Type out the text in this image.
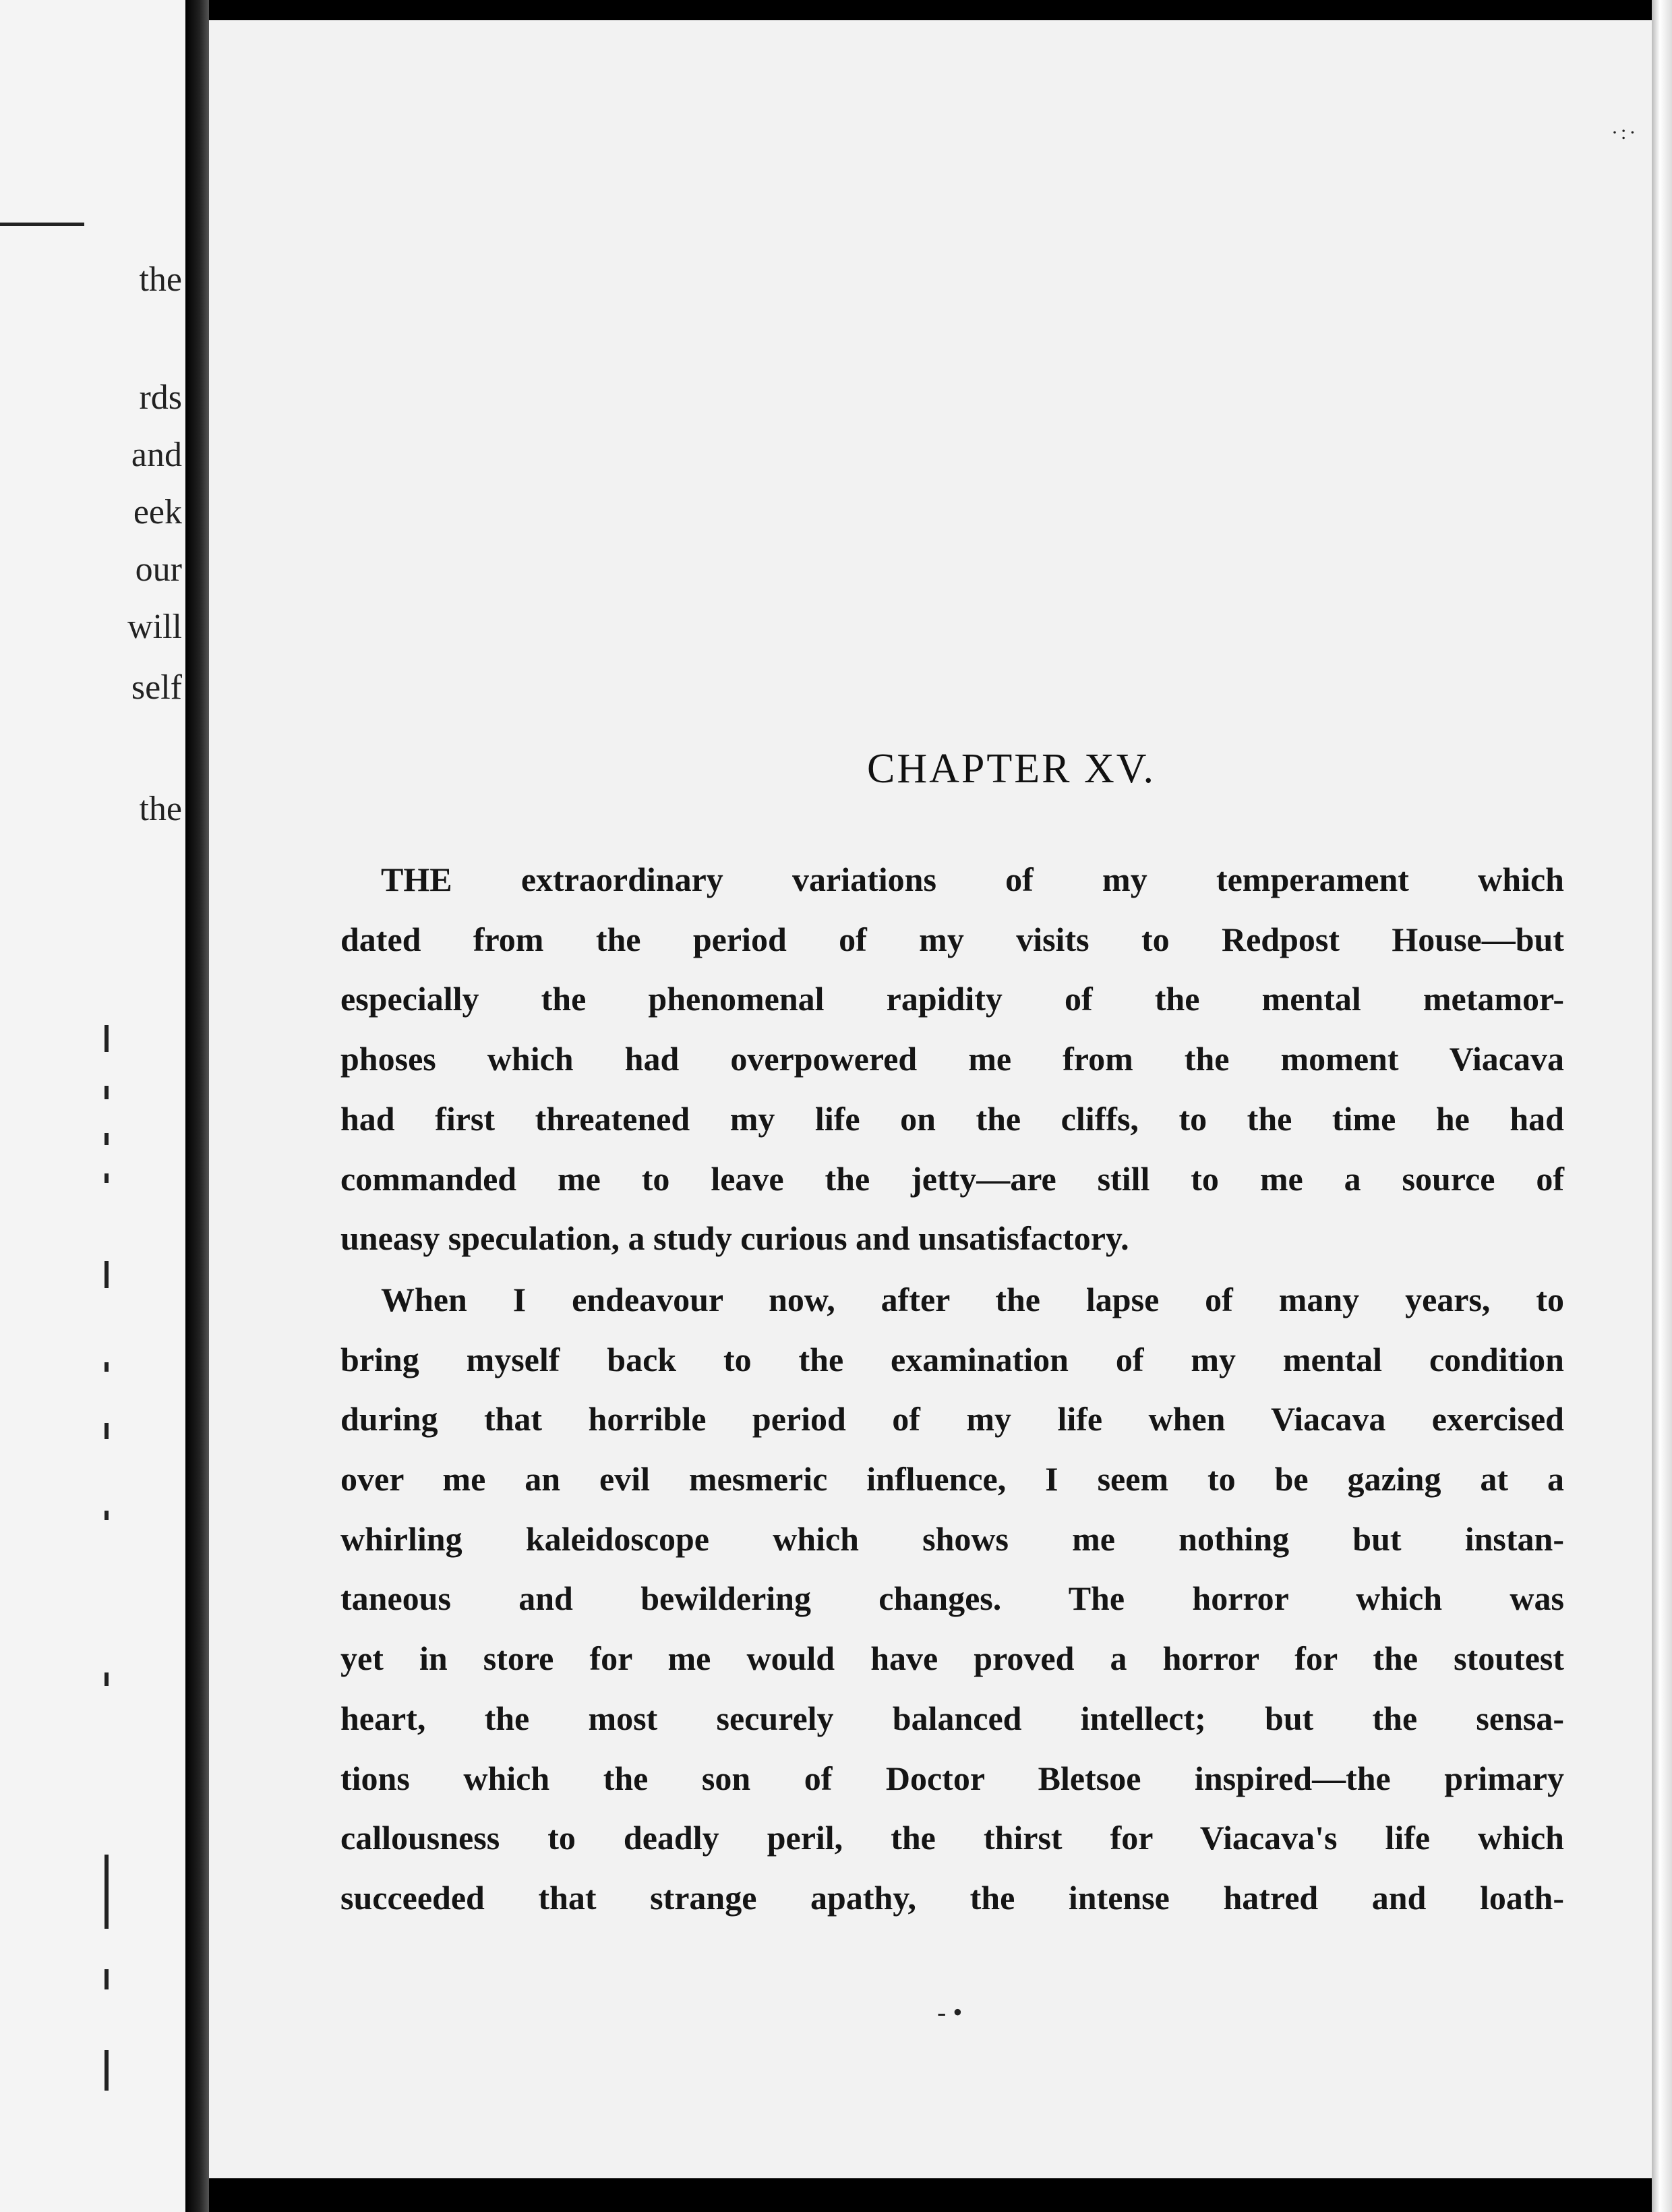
the
rds
and
eek
our
will
self
the
·:·
CHAPTER XV.
THE extraordinary variations of my temperament which
dated from the period of my visits to Redpost House—but
especially the phenomenal rapidity of the mental metamor-
phoses which had overpowered me from the moment Viacava
had first threatened my life on the cliffs, to the time he had
commanded me to leave the jetty—are still to me a source of
uneasy speculation, a study curious and unsatisfactory.
When I endeavour now, after the lapse of many years, to
bring myself back to the examination of my mental condition
during that horrible period of my life when Viacava exercised
over me an evil mesmeric influence, I seem to be gazing at a
whirling kaleidoscope which shows me nothing but instan-
taneous and bewildering changes. The horror which was
yet in store for me would have proved a horror for the stoutest
heart, the most securely balanced intellect; but the sensa-
tions which the son of Doctor Bletsoe inspired—the primary
callousness to deadly peril, the thirst for Viacava's life which
succeeded that strange apathy, the intense hatred and loath-
- •
